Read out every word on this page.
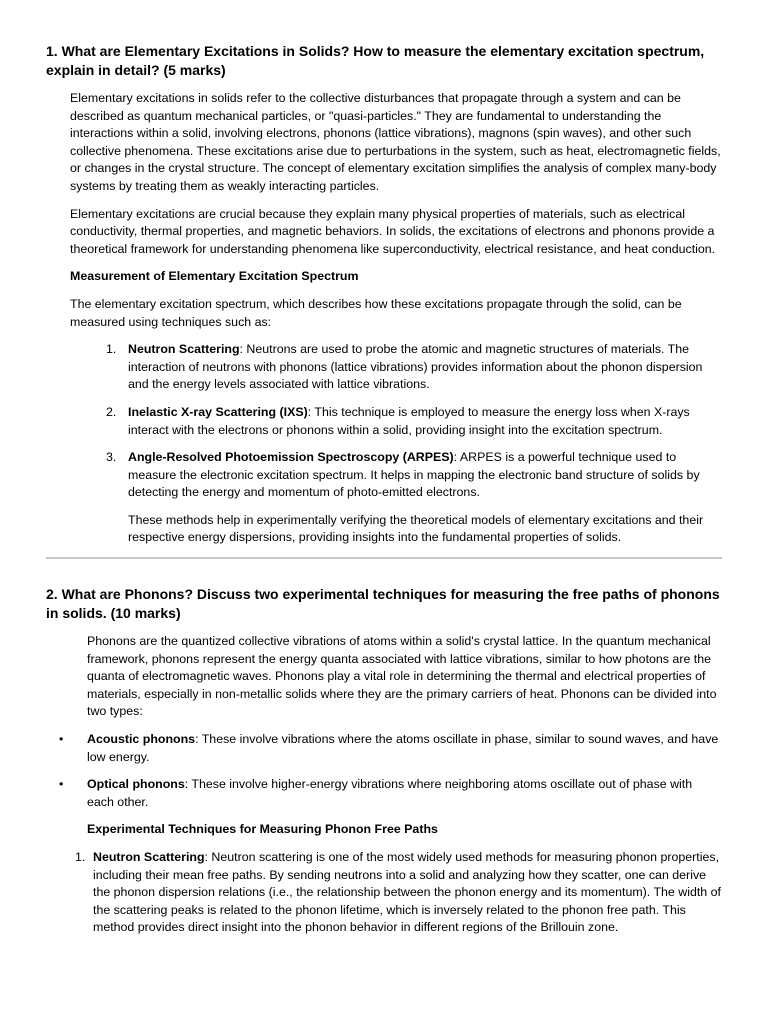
1. What are Elementary Excitations in Solids? How to measure the elementary excitation spectrum, explain in detail? (5 marks)

Elementary excitations in solids refer to the collective disturbances that propagate through a system and can be described as quantum mechanical particles, or "quasi-particles." They are fundamental to understanding the interactions within a solid, involving electrons, phonons (lattice vibrations), magnons (spin waves), and other such collective phenomena. These excitations arise due to perturbations in the system, such as heat, electromagnetic fields, or changes in the crystal structure. The concept of elementary excitation simplifies the analysis of complex many-body systems by treating them as weakly interacting particles.

Elementary excitations are crucial because they explain many physical properties of materials, such as electrical conductivity, thermal properties, and magnetic behaviors. In solids, the excitations of electrons and phonons provide a theoretical framework for understanding phenomena like superconductivity, electrical resistance, and heat conduction.

Measurement of Elementary Excitation Spectrum

The elementary excitation spectrum, which describes how these excitations propagate through the solid, can be measured using techniques such as:

1. Neutron Scattering: Neutrons are used to probe the atomic and magnetic structures of materials. The interaction of neutrons with phonons (lattice vibrations) provides information about the phonon dispersion and the energy levels associated with lattice vibrations.
2. Inelastic X-ray Scattering (IXS): This technique is employed to measure the energy loss when X-rays interact with the electrons or phonons within a solid, providing insight into the excitation spectrum.
3. Angle-Resolved Photoemission Spectroscopy (ARPES): ARPES is a powerful technique used to measure the electronic excitation spectrum. It helps in mapping the electronic band structure of solids by detecting the energy and momentum of photo-emitted electrons.

These methods help in experimentally verifying the theoretical models of elementary excitations and their respective energy dispersions, providing insights into the fundamental properties of solids.

2. What are Phonons? Discuss two experimental techniques for measuring the free paths of phonons in solids. (10 marks)

Phonons are the quantized collective vibrations of atoms within a solid's crystal lattice. In the quantum mechanical framework, phonons represent the energy quanta associated with lattice vibrations, similar to how photons are the quanta of electromagnetic waves. Phonons play a vital role in determining the thermal and electrical properties of materials, especially in non-metallic solids where they are the primary carriers of heat. Phonons can be divided into two types:

• Acoustic phonons: These involve vibrations where the atoms oscillate in phase, similar to sound waves, and have low energy.
• Optical phonons: These involve higher-energy vibrations where neighboring atoms oscillate out of phase with each other.

Experimental Techniques for Measuring Phonon Free Paths

1. Neutron Scattering: Neutron scattering is one of the most widely used methods for measuring phonon properties, including their mean free paths. By sending neutrons into a solid and analyzing how they scatter, one can derive the phonon dispersion relations (i.e., the relationship between the phonon energy and its momentum). The width of the scattering peaks is related to the phonon lifetime, which is inversely related to the phonon free path. This method provides direct insight into the phonon behavior in different regions of the Brillouin zone.
